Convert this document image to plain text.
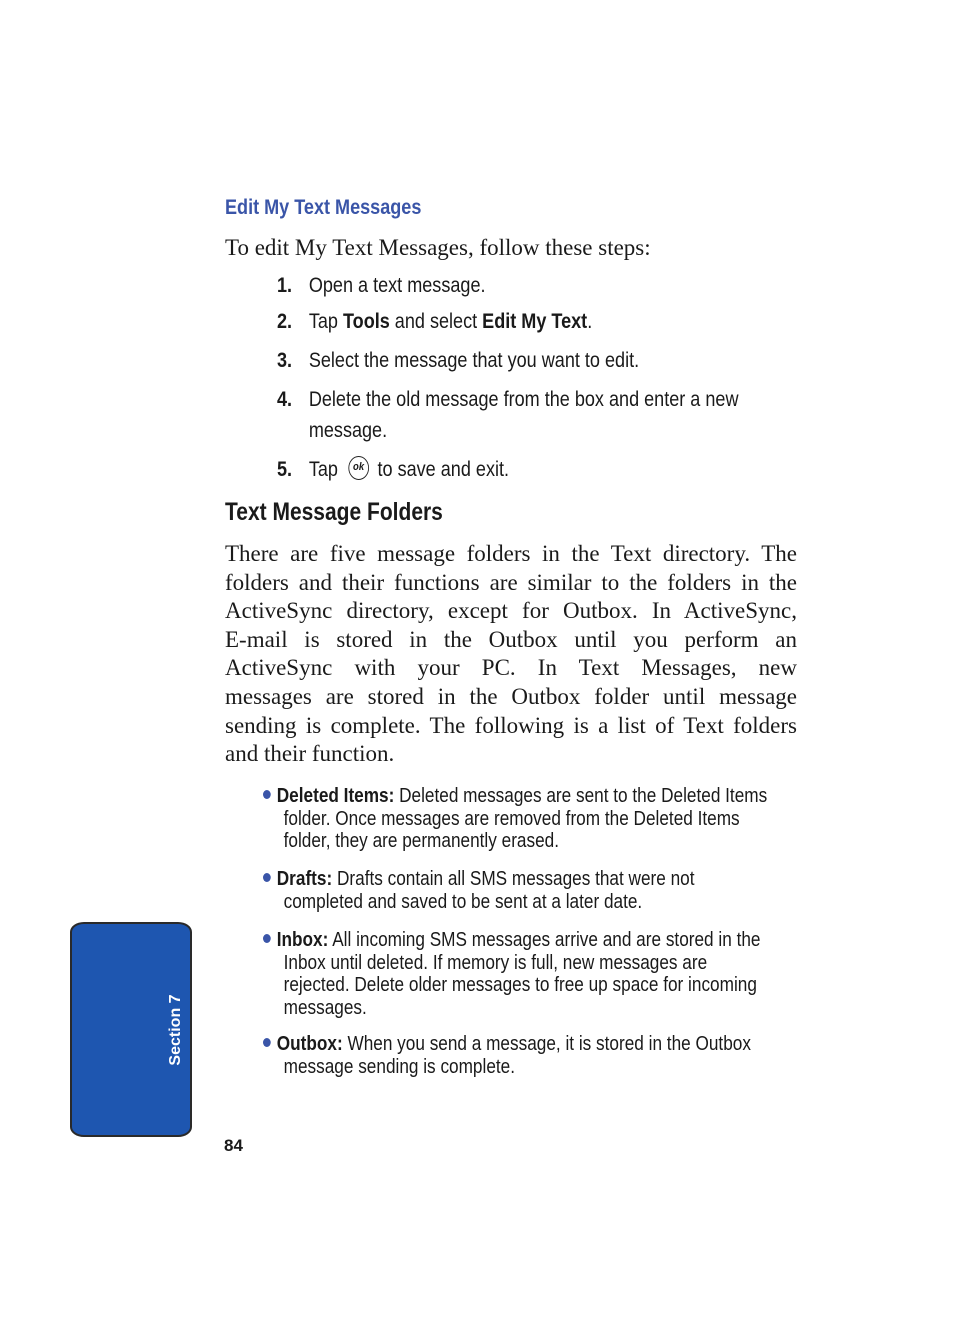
Edit My Text Messages
To edit My Text Messages, follow these steps:
1. Open a text message.
2. Tap Tools and select Edit My Text.
3. Select the message that you want to edit.
4. Delete the old message from the box and enter a new
message.
5. Tap ok to save and exit.
Text Message Folders
There are five message folders in the Text directory. The
folders and their functions are similar to the folders in the
ActiveSync directory, except for Outbox. In ActiveSync,
E-mail is stored in the Outbox until you perform an
ActiveSync with your PC. In Text Messages, new
messages are stored in the Outbox folder until message
sending is complete. The following is a list of Text folders
and their function.
Deleted Items: Deleted messages are sent to the Deleted Items
folder. Once messages are removed from the Deleted Items
folder, they are permanently erased.
Drafts: Drafts contain all SMS messages that were not
completed and saved to be sent at a later date.
Inbox: All incoming SMS messages arrive and are stored in the
Inbox until deleted. If memory is full, new messages are
rejected. Delete older messages to free up space for incoming
messages.
Outbox: When you send a message, it is stored in the Outbox
message sending is complete.
Section 7
84
